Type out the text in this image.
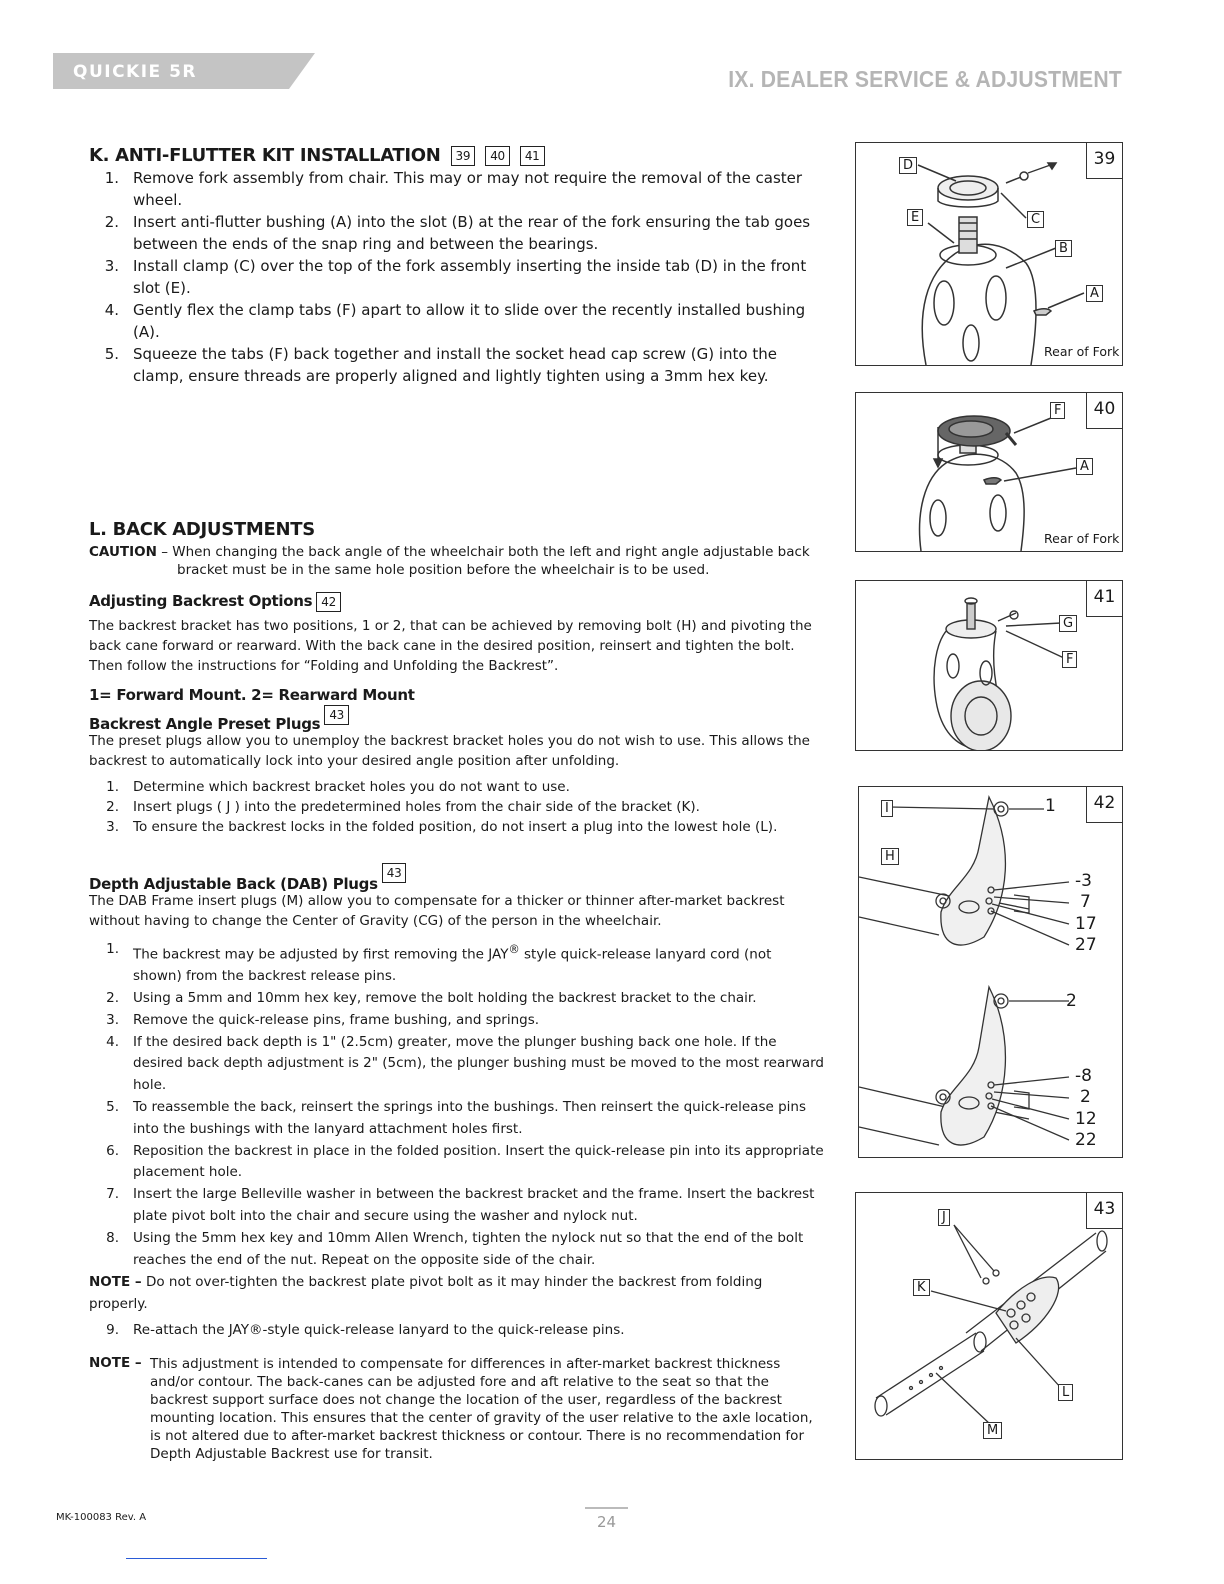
QUICKIE 5R	IX. DEALER SERVICE & ADJUSTMENT
K. ANTI-FLUTTER KIT INSTALLATION 39 40 41
1. Remove fork assembly from chair. This may or may not require the removal of the caster wheel.
2. Insert anti-flutter bushing (A) into the slot (B) at the rear of the fork ensuring the tab goes between the ends of the snap ring and between the bearings.
3. Install clamp (C) over the top of the fork assembly inserting the inside tab (D) in the front slot (E).
4. Gently flex the clamp tabs (F) apart to allow it to slide over the recently installed bushing (A).
5. Squeeze the tabs (F) back together and install the socket head cap screw (G) into the clamp, ensure threads are properly aligned and lightly tighten using a 3mm hex key.
L. BACK ADJUSTMENTS
CAUTION – When changing the back angle of the wheelchair both the left and right angle adjustable back bracket must be in the same hole position before the wheelchair is to be used.
Adjusting Backrest Options 42
The backrest bracket has two positions, 1 or 2, that can be achieved by removing bolt (H) and pivoting the back cane forward or rearward. With the back cane in the desired position, reinsert and tighten the bolt. Then follow the instructions for “Folding and Unfolding the Backrest”.
1= Forward Mount. 2= Rearward Mount
Backrest Angle Preset Plugs 43
The preset plugs allow you to unemploy the backrest bracket holes you do not wish to use. This allows the backrest to automatically lock into your desired angle position after unfolding.
1. Determine which backrest bracket holes you do not want to use.
2. Insert plugs ( J ) into the predetermined holes from the chair side of the bracket (K).
3. To ensure the backrest locks in the folded position, do not insert a plug into the lowest hole (L).
Depth Adjustable Back (DAB) Plugs43
The DAB Frame insert plugs (M) allow you to compensate for a thicker or thinner after-market backrest without having to change the Center of Gravity (CG) of the person in the wheelchair.
1. The backrest may be adjusted by first removing the JAY® style quick-release lanyard cord (not shown) from the backrest release pins.
2. Using a 5mm and 10mm hex key, remove the bolt holding the backrest bracket to the chair.
3. Remove the quick-release pins, frame bushing, and springs.
4. If the desired back depth is 1" (2.5cm) greater, move the plunger bushing back one hole. If the desired back depth adjustment is 2" (5cm), the plunger bushing must be moved to the most rearward hole.
5. To reassemble the back, reinsert the springs into the bushings. Then reinsert the quick-release pins into the bushings with the lanyard attachment holes first.
6. Reposition the backrest in place in the folded position. Insert the quick-release pin into its appropriate placement hole.
7. Insert the large Belleville washer in between the backrest bracket and the frame. Insert the backrest plate pivot bolt into the chair and secure using the washer and nylock nut.
8. Using the 5mm hex key and 10mm Allen Wrench, tighten the nylock nut so that the end of the bolt reaches the end of the nut. Repeat on the opposite side of the chair.
NOTE – Do not over-tighten the backrest plate pivot bolt as it may hinder the backrest from folding properly.
9. Re-attach the JAY®-style quick-release lanyard to the quick-release pins.
NOTE – This adjustment is intended to compensate for differences in after-market backrest thickness and/or contour. The back-canes can be adjusted fore and aft relative to the seat so that the backrest support surface does not change the location of the user, regardless of the backrest mounting location. This ensures that the center of gravity of the user relative to the axle location, is not altered due to after-market backrest thickness or contour. There is no recommendation for Depth Adjustable Backrest use for transit.
39
D
E	C
B
A
Rear of Fork
40
F
A
Rear of Fork
41
G
F
42
I
H
1
-3
7
17
27
2
-8
2
12
22
43
J
K
L
M
MK-100083 Rev. A	24
